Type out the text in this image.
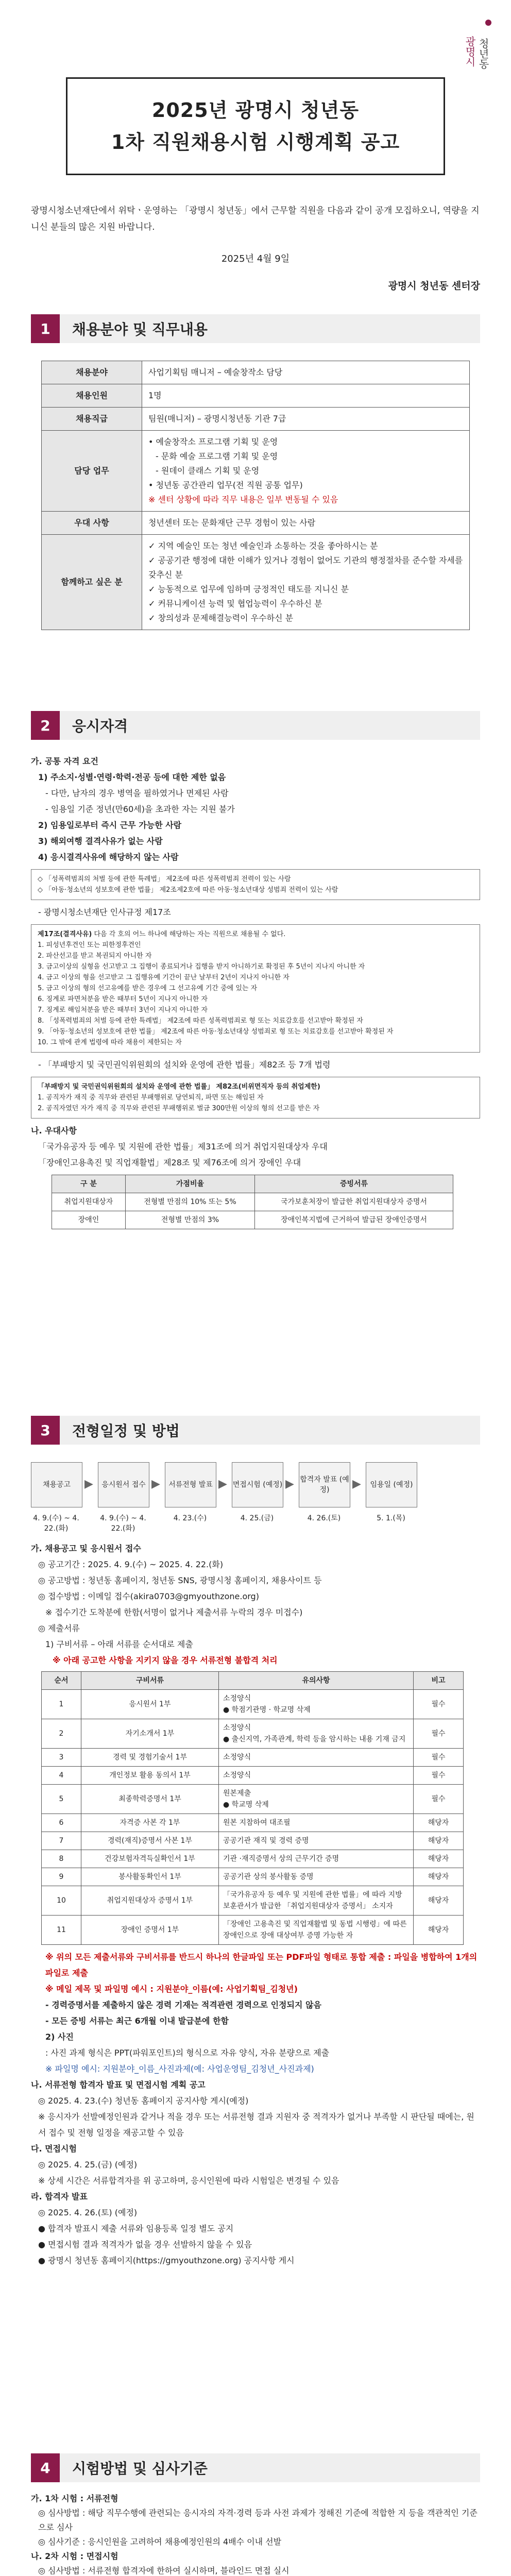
광명시 청년동
2025년 광명시 청년동
1차 직원채용시험 시행계획 공고
광명시청소년재단에서 위탁ㆍ운영하는 「광명시 청년동」에서 근무할 직원을 다음과 같이 공개 모집하오니, 역량을 지니신 분들의 많은 지원 바랍니다.
2025년 4월 9일
광명시 청년동 센터장
1	채용분야 및 직무내용
채용분야	사업기획팀 매니저 – 예술창작소 담당
채용인원	1명
채용직급	팀원(매니저) – 광명시청년동 기관 7급
담당 업무	• 예술창작소 프로그램 기획 및 운영
- 문화 예술 프로그램 기획 및 운영
- 원데이 클래스 기획 및 운영
• 청년동 공간관리 업무(전 직원 공통 업무)
※ 센터 상황에 따라 직무 내용은 일부 변동될 수 있음

우대 사항	청년센터 또는 문화재단 근무 경험이 있는 사람
함께하고 싶은 분	✓ 지역 예술인 또는 청년 예술인과 소통하는 것을 좋아하시는 분
✓ 공공기관 행정에 대한 이해가 있거나 경험이 없어도 기관의 행정절차를 준수할 자세를 갖추신 분
✓ 능동적으로 업무에 임하며 긍정적인 태도를 지니신 분
✓ 커뮤니케이션 능력 및 협업능력이 우수하신 분
✓ 창의성과 문제해결능력이 우수하신 분
2	응시자격
가. 공통 자격 요건
1) 주소지·성별·연령·학력·전공 등에 대한 제한 없음
- 다만, 남자의 경우 병역을 필하였거나 면제된 사람
- 임용일 기준 정년(만60세)을 초과한 자는 지원 불가
2) 임용일로부터 즉시 근무 가능한 사람
3) 해외여행 결격사유가 없는 사람
4) 응시결격사유에 해당하지 않는 사람
◇ 「성폭력범죄의 처벌 등에 관한 특례법」 제2조에 따른 성폭력범죄 전력이 있는 사람
◇ 「아동·청소년의 성보호에 관한 법률」 제2조제2호에 따른 아동·청소년대상 성범죄 전력이 있는 사람
- 광명시청소년재단 인사규정 제17조
제17조(결격사유) 다음 각 호의 어느 하나에 해당하는 자는 직원으로 채용될 수 없다.
1. 피성년후견인 또는 피한정후견인
2. 파산선고를 받고 복권되지 아니한 자
3. 금고이상의 실형을 선고받고 그 집행이 종료되거나 집행을 받지 아니하기로 확정된 후 5년이 지나지 아니한 자
4. 금고 이상의 형을 선고받고 그 집행유예 기간이 끝난 날부터 2년이 지나지 아니한 자
5. 금고 이상의 형의 선고유예를 받은 경우에 그 선고유예 기간 중에 있는 자
6. 징계로 파면처분을 받은 때부터 5년이 지나지 아니한 자
7. 징계로 해임처분을 받은 때부터 3년이 지나지 아니한 자
8. 「성폭력범죄의 처벌 등에 관한 특례법」 제2조에 따른 성폭력범죄로 형 또는 치료감호를 선고받아 확정된 자
9. 「아동·청소년의 성보호에 관한 법률」 제2조에 따른 아동·청소년대상 성범죄로 형 또는 치료감호를 선고받아 확정된 자
10. 그 밖에 관계 법령에 따라 채용이 제한되는 자
- 「부패방지 및 국민권익위원회의 설치와 운영에 관한 법률」제82조 등 7개 법령
「부패방지 및 국민권익위원회의 설치와 운영에 관한 법률」 제82조(비위면직자 등의 취업제한)
1. 공직자가 재직 중 직무와 관련된 부패행위로 당연퇴직, 파면 또는 해임된 자
2. 공직자였던 자가 재직 중 직무와 관련된 부패행위로 벌금 300만원 이상의 형의 선고를 받은 자
나. 우대사항
「국가유공자 등 예우 및 지원에 관한 법률」제31조에 의거 취업지원대상자 우대
「장애인고용촉진 및 직업재활법」제28조 및 제76조에 의거 장애인 우대
구 분	가점비율	증빙서류
취업지원대상자	전형별 만점의 10% 또는 5%	국가보훈처장이 발급한 취업지원대상자 증명서
장애인	전형별 만점의 3%	장애인복지법에 근거하여 발급된 장애인증명서
3	전형일정 및 방법
채용공고	▶	응시원서 접수 ▶	서류전형 발표 ▶ 면접시험 (예정) ▶ 합격자 발표 (예정)	▶	임용일 (예정)
4. 9.(수) ~ 4. 22.(화)
4. 9.(수) ~ 4. 22.(화)
4. 23.(수)	4. 25.(금)	4. 26.(토)	5. 1.(목)
가. 채용공고 및 응시원서 접수
◎ 공고기간 : 2025. 4. 9.(수) ~ 2025. 4. 22.(화)
◎ 공고방법 : 청년동 홈페이지, 청년동 SNS, 광명시청 홈페이지, 채용사이트 등
◎ 접수방법 : 이메일 접수(akira0703@gmyouthzone.org)
※ 접수기간 도착분에 한함(서명이 없거나 제출서류 누락의 경우 미접수)
◎ 제출서류
1) 구비서류 – 아래 서류를 순서대로 제출
※ 아래 공고한 사항을 지키지 않을 경우 서류전형 불합격 처리
순서	구비서류	유의사항	비고
1	응시원서 1부	소정양식
● 학점기관명 · 학교명 삭제	필수
2	자기소개서 1부	소정양식
● 출신지역, 가족관계, 학력 등을 암시하는 내용 기재 금지	필수
3	경력 및 경험기술서 1부	소정양식	필수
4	개인정보 활용 동의서 1부	소정양식	필수
5	최종학력증명서 1부	원본제출
● 학교명 삭제	필수
6	자격증 사본 각 1부	원본 지참하여 대조필	해당자
7	경력(재직)증명서 사본 1부	공공기관 재직 및 경력 증명	해당자
8	건강보험자격득실확인서 1부	기관 ·재직증명서 상의 근무기간 증명	해당자
9	봉사활동확인서 1부	공공기관 상의 봉사활동 증명	해당자
10	취업지원대상자 증명서 1부	「국가유공자 등 예우 및 지원에 관한 법률」에 따라 지방보훈관서가 발급한 「취업지원대상자 증명서」 소지자	해당자
11	장애인 증명서 1부	「장애인 고용촉진 및 직업재활법 및 동법 시행령」에 따른 장애인으로 장애 대상여부 증명 가능한 자	해당자
※ 위의 모든 제출서류와 구비서류를 반드시 하나의 한글파일 또는 PDF파일 형태로 통합 제출 : 파일을 병합하여 1개의 파일로 제출
※ 메일 제목 및 파일명 예시 : 지원분야_이름(예: 사업기획팀_김청년)
- 경력증명서를 제출하지 않은 경력 기재는 적격관련 경력으로 인정되지 않음
- 모든 증빙 서류는 최근 6개월 이내 발급분에 한함
2) 사진
: 사진 과제 형식은 PPT(파워포인트)의 형식으로 자유 양식, 자유 분량으로 제출
※ 파일명 예시: 지원분야_이름_사진과제(예: 사업운영팀_김청년_사진과제)
나. 서류전형 합격자 발표 및 면접시험 계획 공고
◎ 2025. 4. 23.(수) 청년동 홈페이지 공지사항 게시(예정)
※ 응시자가 선발예정인원과 같거나 적을 경우 또는 서류전형 결과 지원자 중 적격자가 없거나 부족할 시 판단될 때에는, 원서 접수 및 전형 일정을 재공고할 수 있음
다. 면접시험
◎ 2025. 4. 25.(금) (예정)
※ 상세 시간은 서류합격자를 위 공고하며, 응시인원에 따라 시험일은 변경될 수 있음
라. 합격자 발표
◎ 2025. 4. 26.(토) (예정)
● 합격자 발표시 제출 서류와 임용등록 일정 별도 공지
● 면접시험 결과 적격자가 없을 경우 선발하지 않을 수 있음
● 광명시 청년동 홈페이지(https://gmyouthzone.org) 공지사항 게시
4	시험방법 및 심사기준
가. 1차 시험 : 서류전형
◎ 심사방법 : 해당 직무수행에 관련되는 응시자의 자격·경력 등과 사전 과제가 정해진 기준에 적합한 지 등을 객관적인 기준으로 심사
◎ 심사기준 : 응시인원을 고려하여 채용예정인원의 4배수 이내 선발
나. 2차 시험 : 면접시험
◎ 심사방법 : 서류전형 합격자에 한하여 실시하며, 블라인드 면접 실시
